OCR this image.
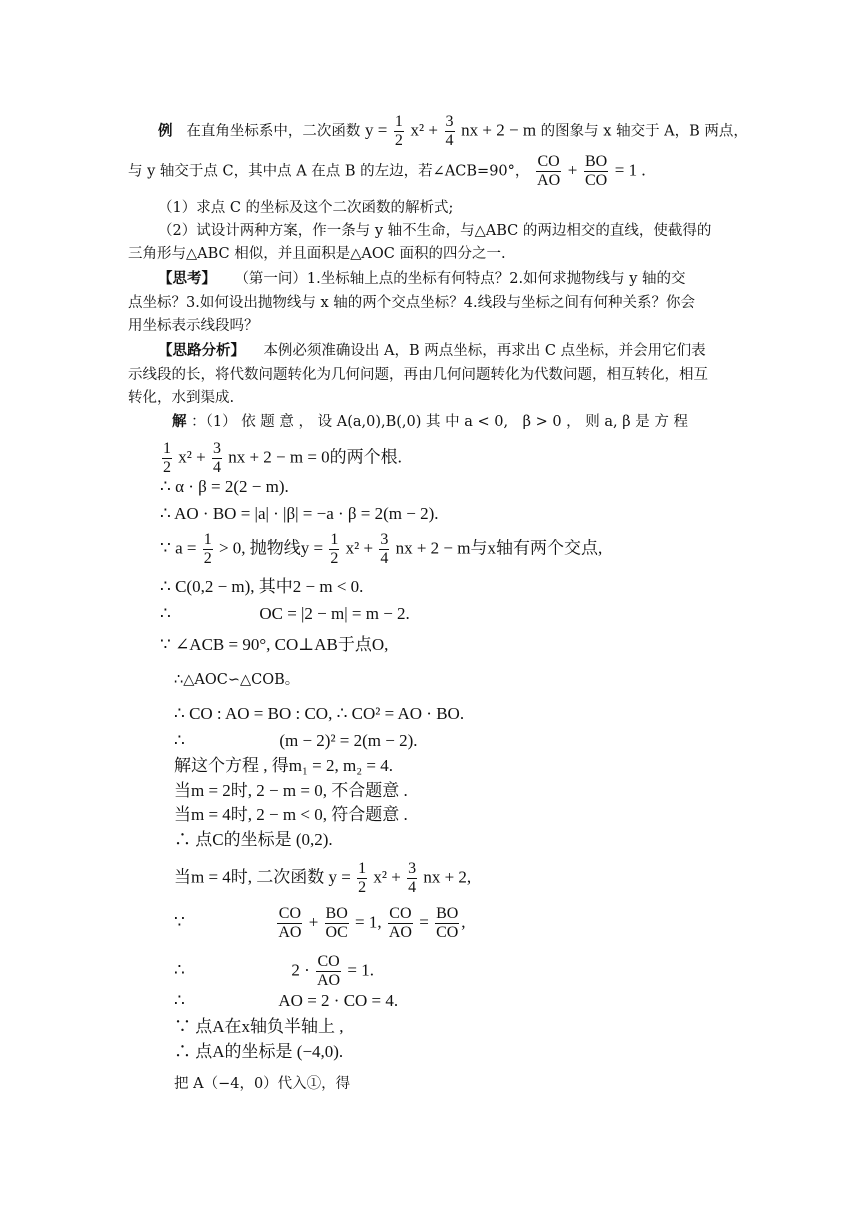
例 在直角坐标系中，二次函数 $y = \frac{1}{2} x^2 + \frac{3}{4}$ nx + 2 − m 的图象与 x 轴交于 A，B 两点，
与 y 轴交于点 C，其中点 A 在点 B 的左边，若∠ACB=90°， $\frac{CO}{AO} + \frac{BO}{CO} = 1$ .
（1）求点 C 的坐标及这个二次函数的解析式;
（2）试设计两种方案，作一条与 y 轴不生命，与△ABC 的两边相交的直线，使截得的
三角形与△ABC 相似，并且面积是△AOC 面积的四分之一.
【思考】 （第一问）1.坐标轴上点的坐标有何特点？2.如何求抛物线与 y 轴的交
点坐标？3.如何设出抛物线与 x 轴的两个交点坐标？4.线段与坐标之间有何种关系？你会
用坐标表示线段吗？
【思路分析】 本例必须准确设出 A，B 两点坐标，再求出 C 点坐标，并会用它们表
示线段的长，将代数问题转化为几何问题，再由几何问题转化为代数问题，相互转化，相互
转化，水到渠成.
解 ：（1） 依 题 意 ， 设 A(a,0),B(,0) 其 中 a < 0,　β > 0 ， 则 a, β 是 方 程
$\frac{1}{2} x^2 + \frac{3}{4}$ nx + 2 − m = 0的两个根.
∴ α · β = 2(2 − m).
∴ AO · BO = |a| · |β| = −a · β = 2(m − 2).
∵ $a = \frac{1}{2} > 0$, 抛物线$y = \frac{1}{2} x^2 + \frac{3}{4}$ nx + 2 − m与x轴有两个交点,
∴ C(0,2 − m), 其中2 − m < 0.
∴	OC = |2 − m| = m − 2.
∵ ∠ACB = 90°, CO⊥AB于点O,
∴△AOC∽△COB。
∴ CO : AO = BO : CO, ∴ CO² = AO · BO.
∴	(m − 2)² = 2(m − 2).
解这个方程 , 得m₁ = 2, m₂ = 4.
当m = 2时, 2 − m = 0, 不合题意 .
当m = 4时, 2 − m < 0, 符合题意 .
∴ 点C的坐标是 (0,2).
当m = 4时, 二次函数 $y = \frac{1}{2} x^2 + \frac{3}{4}$ nx + 2,
∵	$\frac{CO}{AO} + \frac{BO}{OC} = 1$, $\frac{CO}{AO} = \frac{BO}{CO}$ ,
∴	$2 \cdot \frac{CO}{AO} = 1$.
∴	AO = 2 · CO = 4.
∵ 点A在x轴负半轴上 ,
∴ 点A的坐标是 (−4,0).
把 A（−4，0）代入①，得
